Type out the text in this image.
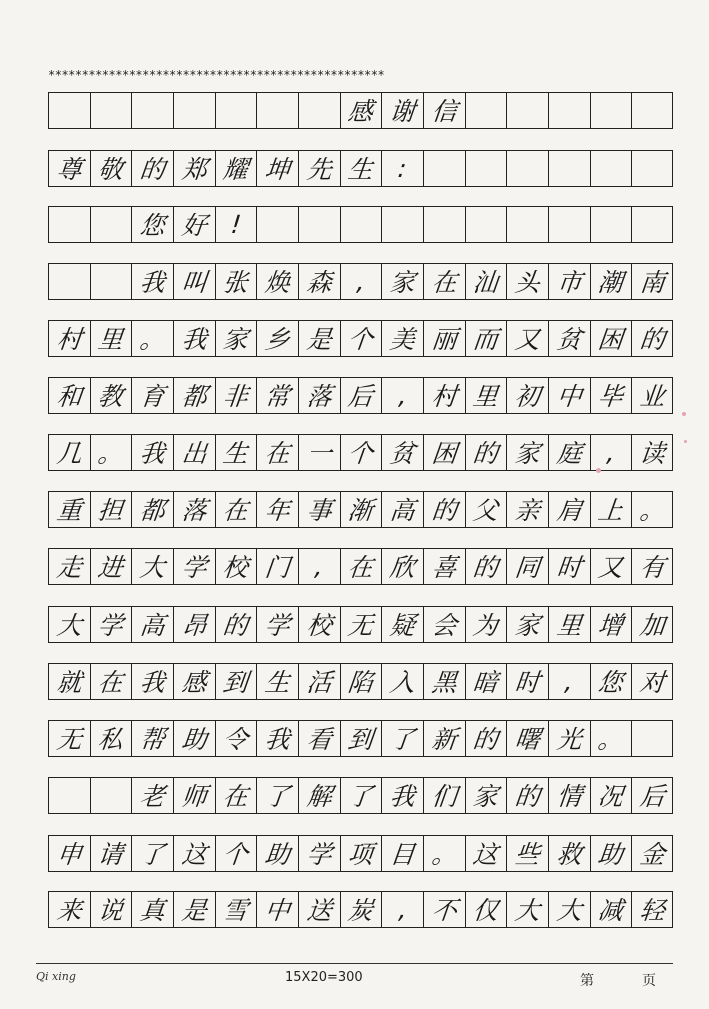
**************************************************
感 谢 信
尊 敬 的 郑 耀 坤 先 生 :
您 好 !
我 叫 张 焕 森 , 家 在 汕 头 市 潮 南
村 里 。 我 家 乡 是 个 美 丽 而 又 贫 困 的
和 教 育 都 非 常 落 后 , 村 里 初 中 毕 业
几 。 我 出 生 在 一 个 贫 困 的 家 庭 , 读
重 担 都 落 在 年 事 渐 高 的 父 亲 肩 上 。
走 进 大 学 校 门 , 在 欣 喜 的 同 时 又 有
大 学 高 昂 的 学 校 无 疑 会 为 家 里 增 加
就 在 我 感 到 生 活 陷 入 黑 暗 时 , 您 对
无 私 帮 助 令 我 看 到 了 新 的 曙 光 。
老 师 在 了 解 了 我 们 家 的 情 况 后
申 请 了 这 个 助 学 项 目 。 这 些 救 助 金
来 说 真 是 雪 中 送 炭 , 不 仅 大 大 减 轻
Qi xing	15X20=300	第	页
